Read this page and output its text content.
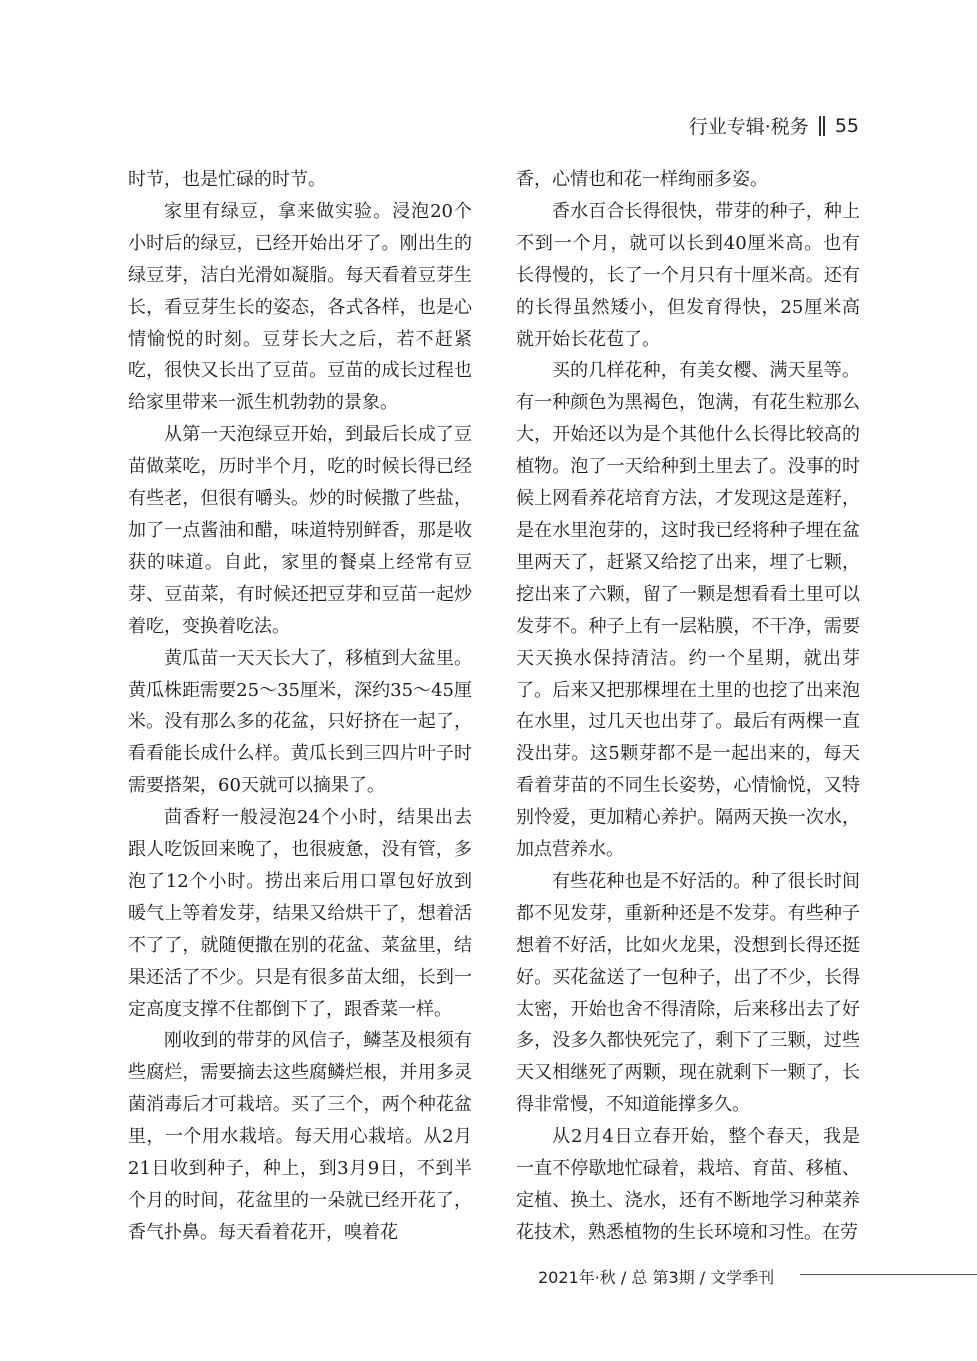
行业专辑·税务 55

时节，也是忙碌的时节。

家里有绿豆，拿来做实验。浸泡20个小时后的绿豆，已经开始出牙了。刚出生的绿豆芽，洁白光滑如凝脂。每天看着豆芽生长，看豆芽生长的姿态，各式各样，也是心情愉悦的时刻。豆芽长大之后，若不赶紧吃，很快又长出了豆苗。豆苗的成长过程也给家里带来一派生机勃勃的景象。

从第一天泡绿豆开始，到最后长成了豆苗做菜吃，历时半个月，吃的时候长得已经有些老，但很有嚼头。炒的时候撒了些盐，加了一点酱油和醋，味道特别鲜香，那是收获的味道。自此，家里的餐桌上经常有豆芽、豆苗菜，有时候还把豆芽和豆苗一起炒着吃，变换着吃法。

黄瓜苗一天天长大了，移植到大盆里。黄瓜株距需要25～35厘米，深约35～45厘米。没有那么多的花盆，只好挤在一起了，看看能长成什么样。黄瓜长到三四片叶子时需要搭架，60天就可以摘果了。

茴香籽一般浸泡24个小时，结果出去跟人吃饭回来晚了，也很疲惫，没有管，多泡了12个小时。捞出来后用口罩包好放到暖气上等着发芽，结果又给烘干了，想着活不了了，就随便撒在别的花盆、菜盆里，结果还活了不少。只是有很多苗太细，长到一定高度支撑不住都倒下了，跟香菜一样。

刚收到的带芽的风信子，鳞茎及根须有些腐烂，需要摘去这些腐鳞烂根，并用多灵菌消毒后才可栽培。买了三个，两个种花盆里，一个用水栽培。每天用心栽培。从2月21日收到种子，种上，到3月9日，不到半个月的时间，花盆里的一朵就已经开花了，香气扑鼻。每天看着花开，嗅着花

香，心情也和花一样绚丽多姿。

香水百合长得很快，带芽的种子，种上不到一个月，就可以长到40厘米高。也有长得慢的，长了一个月只有十厘米高。还有的长得虽然矮小，但发育得快，25厘米高就开始长花苞了。

买的几样花种，有美女樱、满天星等。有一种颜色为黑褐色，饱满，有花生粒那么大，开始还以为是个其他什么长得比较高的植物。泡了一天给种到土里去了。没事的时候上网看养花培育方法，才发现这是莲籽，是在水里泡芽的，这时我已经将种子埋在盆里两天了，赶紧又给挖了出来，埋了七颗，挖出来了六颗，留了一颗是想看看土里可以发芽不。种子上有一层粘膜，不干净，需要天天换水保持清洁。约一个星期，就出芽了。后来又把那棵埋在土里的也挖了出来泡在水里，过几天也出芽了。最后有两棵一直没出芽。这5颗芽都不是一起出来的，每天看着芽苗的不同生长姿势，心情愉悦，又特别怜爱，更加精心养护。隔两天换一次水，加点营养水。

有些花种也是不好活的。种了很长时间都不见发芽，重新种还是不发芽。有些种子想着不好活，比如火龙果，没想到长得还挺好。买花盆送了一包种子，出了不少，长得太密，开始也舍不得清除，后来移出去了好多，没多久都快死完了，剩下了三颗，过些天又相继死了两颗，现在就剩下一颗了，长得非常慢，不知道能撑多久。

从2月4日立春开始，整个春天，我是一直不停歇地忙碌着，栽培、育苗、移植、定植、换土、浇水，还有不断地学习种菜养花技术，熟悉植物的生长环境和习性。在劳

2021年·秋 / 总 第3期 / 文学季刊
